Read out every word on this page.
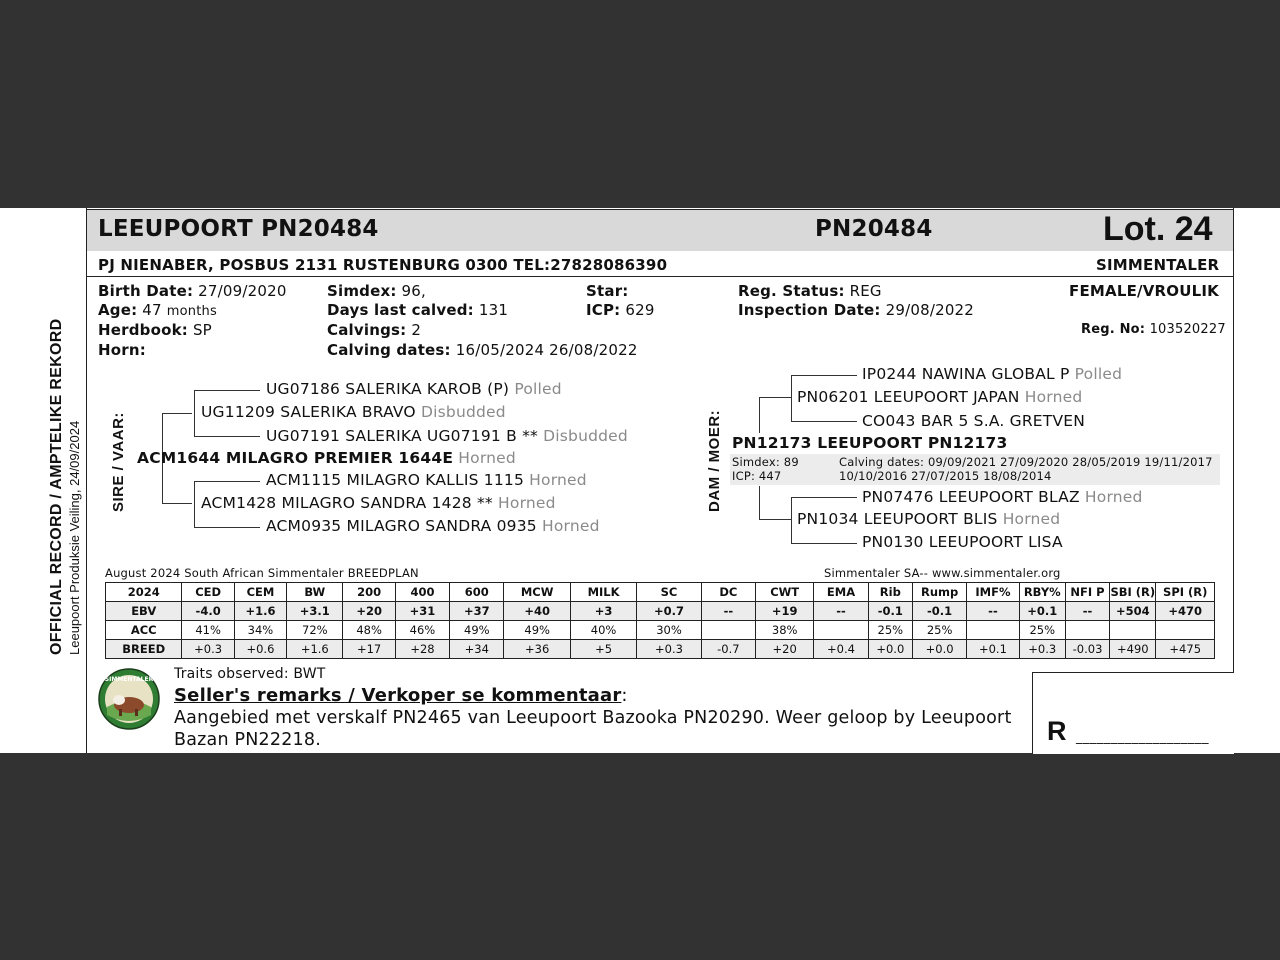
OFFICIAL RECORD / AMPTELIKE REKORD Leeupoort Produksie Veiling, 24/09/2024
LEEUPOORT PN20484	PN20484	Lot. 24
PJ NIENABER, POSBUS 2131 RUSTENBURG 0300 TEL:27828086390	SIMMENTALER
Birth Date: 27/09/2020
Age: 47 months
Herdbook: SP
Horn:
Simdex: 96,
Days last calved: 131
Calvings: 2
Calving dates: 16/05/2024 26/08/2022
Star:
ICP: 629
Reg. Status: REG
Inspection Date: 29/08/2022
FEMALE/VROULIK
Reg. No: 103520227
SIRE / VAAR:
UG07186 SALERIKA KAROB (P) Polled
UG11209 SALERIKA BRAVO Disbudded
UG07191 SALERIKA UG07191 B ** Disbudded
ACM1644 MILAGRO PREMIER 1644E Horned
ACM1115 MILAGRO KALLIS 1115 Horned
ACM1428 MILAGRO SANDRA 1428 ** Horned
ACM0935 MILAGRO SANDRA 0935 Horned
DAM / MOER:
IP0244 NAWINA GLOBAL P Polled
PN06201 LEEUPOORT JAPAN Horned
CO043 BAR 5 S.A. GRETVEN
PN12173 LEEUPOORT PN12173
Simdex: 89
ICP: 447
Calving dates: 09/09/2021 27/09/2020 28/05/2019 19/11/2017
10/10/2016 27/07/2015 18/08/2014
PN07476 LEEUPOORT BLAZ Horned
PN1034 LEEUPOORT BLIS Horned
PN0130 LEEUPOORT LISA
August 2024 South African Simmentaler BREEDPLAN	Simmentaler SA-- www.simmentaler.org
2024	CED	CEM	BW	200	400	600	MCW	MILK	SC	DC	CWT	EMA	Rib	Rump	IMF%	RBY%	NFI P	SBI (R)	SPI (R)
EBV	-4.0	+1.6	+3.1	+20	+31	+37	+40	+3	+0.7	--	+19	--	-0.1	-0.1	--	+0.1	--	+504	+470
ACC	41%	34%	72%	48%	46%	49%	49%	40%	30%		38%		25%	25%		25%			
BREED	+0.3	+0.6	+1.6	+17	+28	+34	+36	+5	+0.3	-0.7	+20	+0.4	+0.0	+0.0	+0.1	+0.3	-0.03	+490	+475
SIMMENTALER Traits observed: BWT
Seller's remarks / Verkoper se kommentaar:
Aangebied met verskalf PN2465 van Leeupoort Bazooka PN20290. Weer geloop by Leeupoort
Bazan PN22218.	R ___________________
